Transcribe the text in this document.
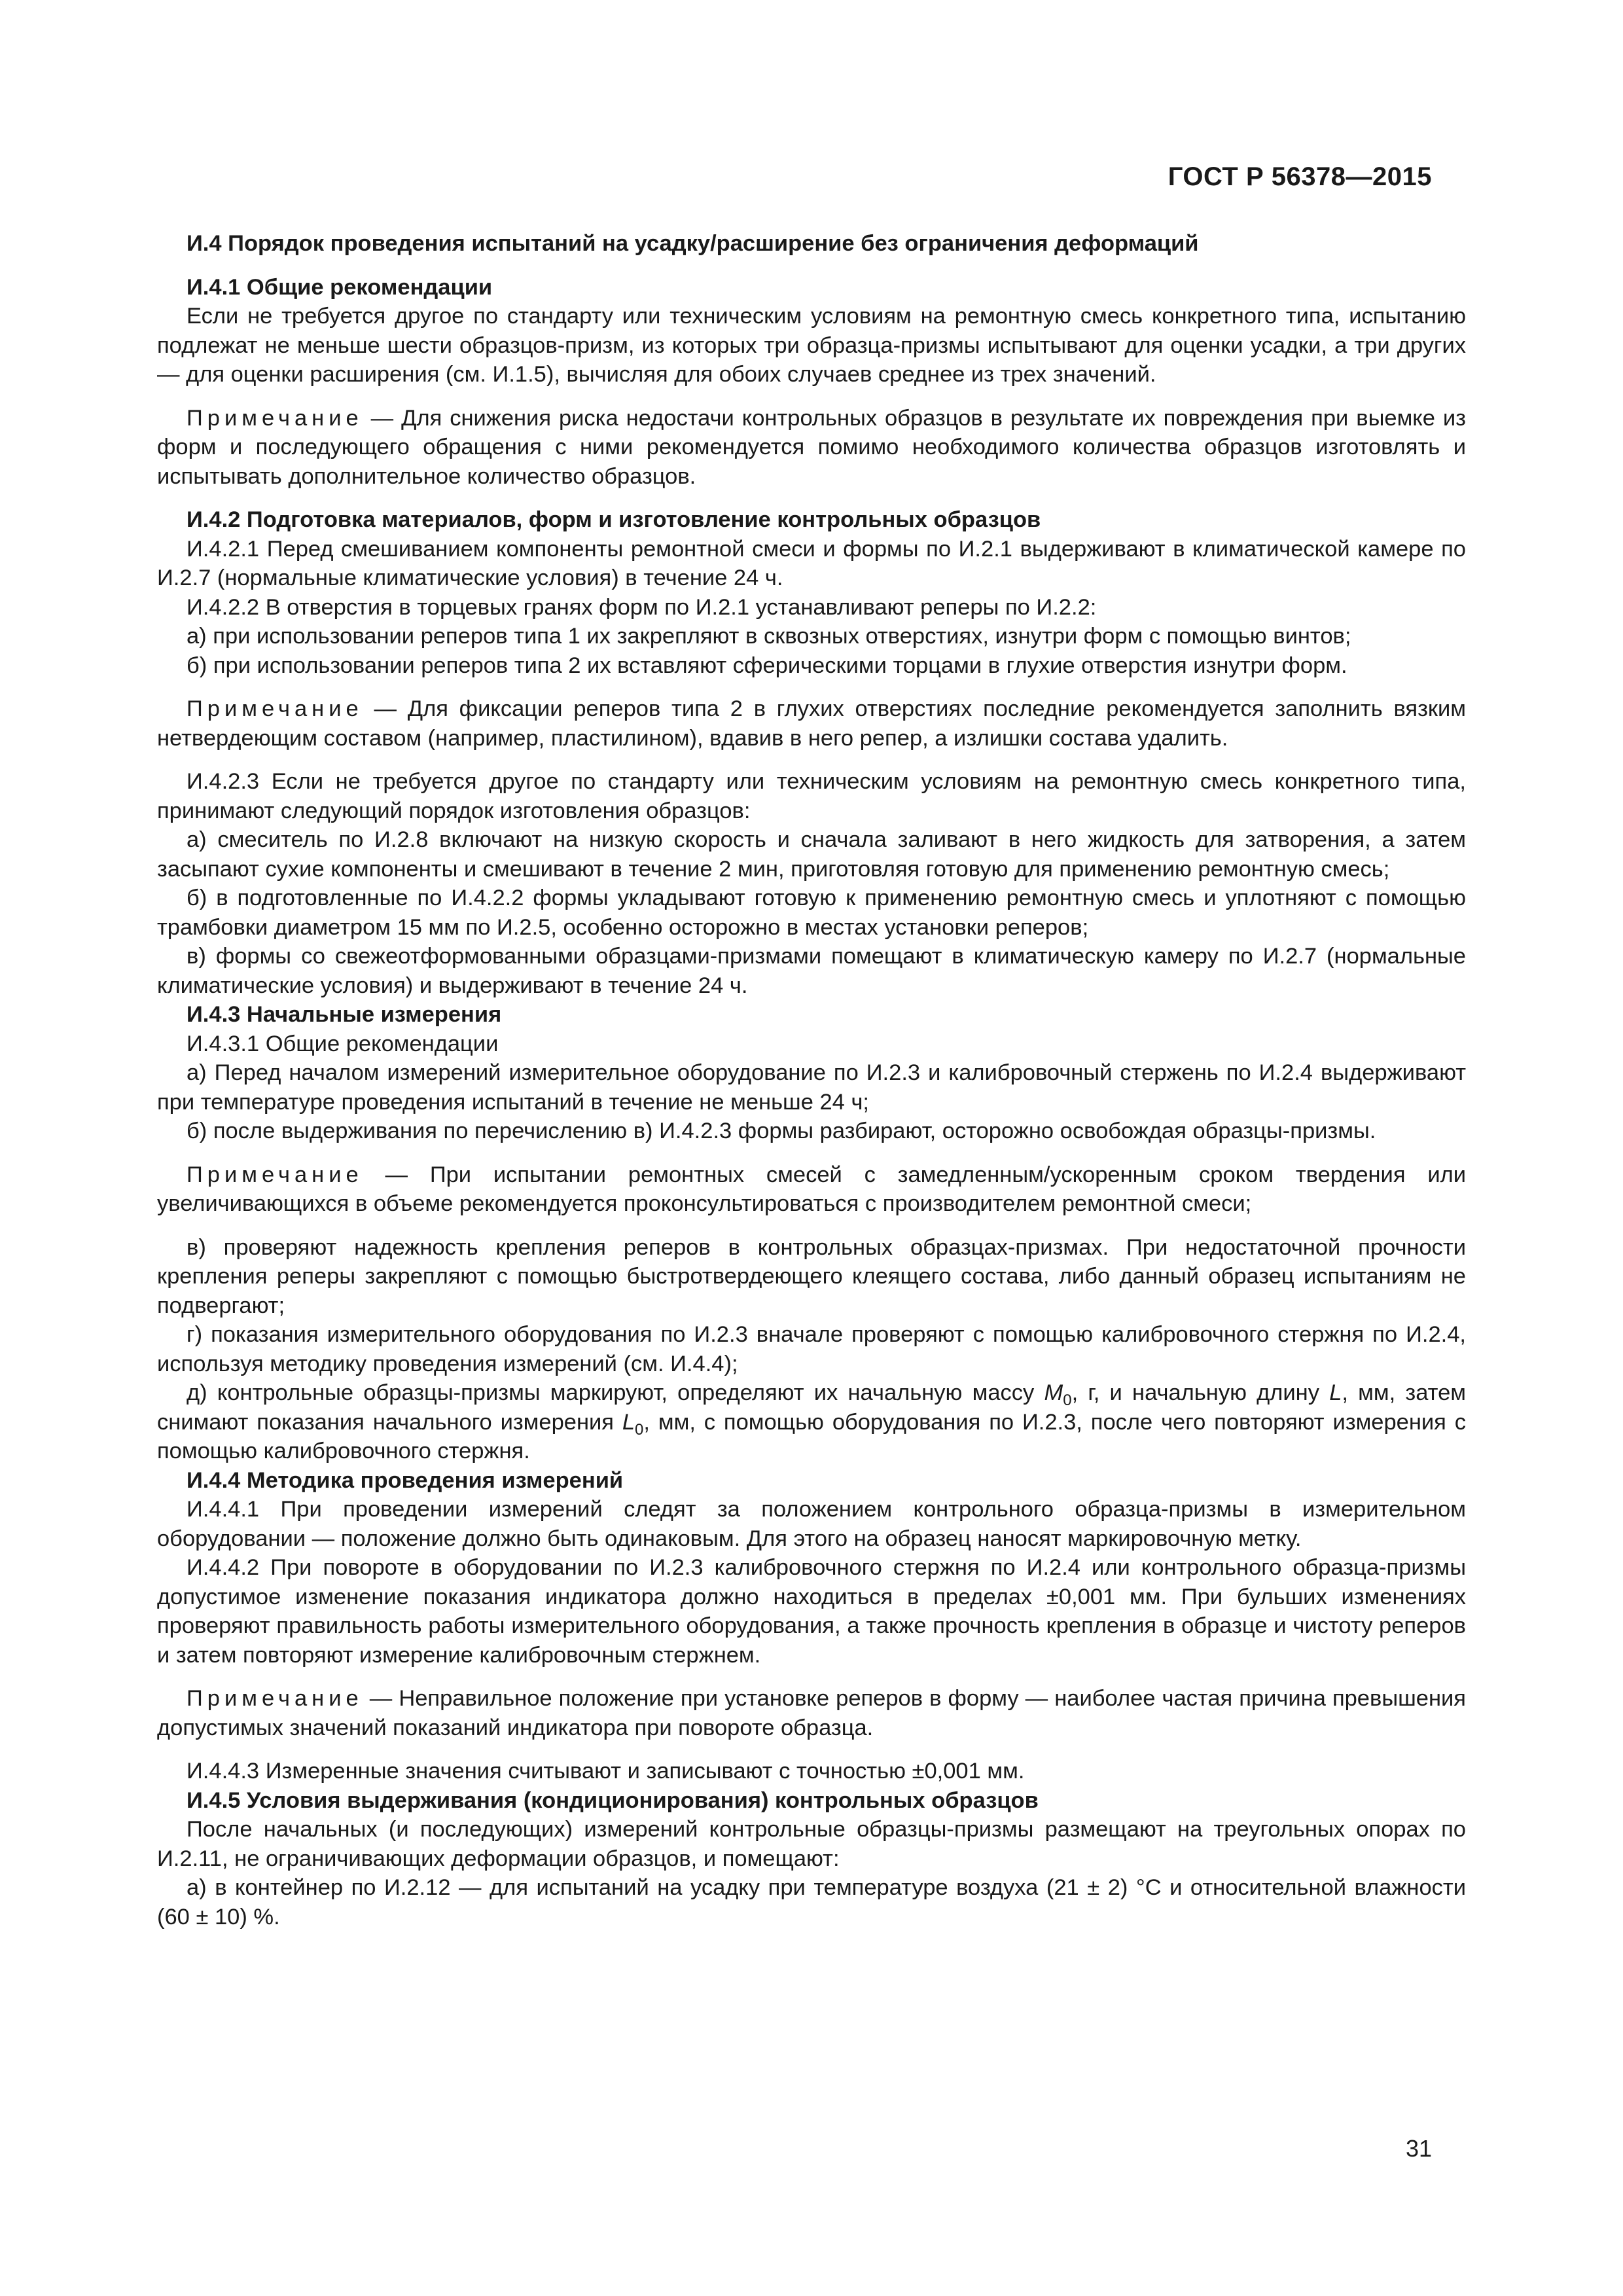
ГОСТ Р 56378—2015

И.4 Порядок проведения испытаний на усадку/расширение без ограничения деформаций

И.4.1 Общие рекомендации

Если не требуется другое по стандарту или техническим условиям на ремонтную смесь конкретного типа, испытанию подлежат не меньше шести образцов-призм, из которых три образца-призмы испытывают для оценки усадки, а три других — для оценки расширения (см. И.1.5), вычисляя для обоих случаев среднее из трех значений.

Примечание — Для снижения риска недостачи контрольных образцов в результате их повреждения при выемке из форм и последующего обращения с ними рекомендуется помимо необходимого количества образцов изготовлять и испытывать дополнительное количество образцов.

И.4.2 Подготовка материалов, форм и изготовление контрольных образцов

И.4.2.1 Перед смешиванием компоненты ремонтной смеси и формы по И.2.1 выдерживают в климатической камере по И.2.7 (нормальные климатические условия) в течение 24 ч.

И.4.2.2 В отверстия в торцевых гранях форм по И.2.1 устанавливают реперы по И.2.2:

а) при использовании реперов типа 1 их закрепляют в сквозных отверстиях, изнутри форм с помощью винтов;

б) при использовании реперов типа 2 их вставляют сферическими торцами в глухие отверстия изнутри форм.

Примечание — Для фиксации реперов типа 2 в глухих отверстиях последние рекомендуется заполнить вязким нетвердеющим составом (например, пластилином), вдавив в него репер, а излишки состава удалить.

И.4.2.3 Если не требуется другое по стандарту или техническим условиям на ремонтную смесь конкретного типа, принимают следующий порядок изготовления образцов:

а) смеситель по И.2.8 включают на низкую скорость и сначала заливают в него жидкость для затворения, а затем засыпают сухие компоненты и смешивают в течение 2 мин, приготовляя готовую для применению ремонтную смесь;

б) в подготовленные по И.4.2.2 формы укладывают готовую к применению ремонтную смесь и уплотняют с помощью трамбовки диаметром 15 мм по И.2.5, особенно осторожно в местах установки реперов;

в) формы со свежеотформованными образцами-призмами помещают в климатическую камеру по И.2.7 (нормальные климатические условия) и выдерживают в течение 24 ч.

И.4.3 Начальные измерения

И.4.3.1 Общие рекомендации

а) Перед началом измерений измерительное оборудование по И.2.3 и калибровочный стержень по И.2.4 выдерживают при температуре проведения испытаний в течение не меньше 24 ч;

б) после выдерживания по перечислению в) И.4.2.3 формы разбирают, осторожно освобождая образцы-призмы.

Примечание — При испытании ремонтных смесей с замедленным/ускоренным сроком твердения или увеличивающихся в объеме рекомендуется проконсультироваться с производителем ремонтной смеси;

в) проверяют надежность крепления реперов в контрольных образцах-призмах. При недостаточной прочности крепления реперы закрепляют с помощью быстротвердеющего клеящего состава, либо данный образец испытаниям не подвергают;

г) показания измерительного оборудования по И.2.3 вначале проверяют с помощью калибровочного стержня по И.2.4, используя методику проведения измерений (см. И.4.4);

д) контрольные образцы-призмы маркируют, определяют их начальную массу $M_0$, г, и начальную длину L, мм, затем снимают показания начального измерения $L_0$, мм, с помощью оборудования по И.2.3, после чего повторяют измерения с помощью калибровочного стержня.

И.4.4 Методика проведения измерений

И.4.4.1 При проведении измерений следят за положением контрольного образца-призмы в измерительном оборудовании — положение должно быть одинаковым. Для этого на образец наносят маркировочную метку.

И.4.4.2 При повороте в оборудовании по И.2.3 калибровочного стержня по И.2.4 или контрольного образца-призмы допустимое изменение показания индикатора должно находиться в пределах ±0,001 мм. При бульших изменениях проверяют правильность работы измерительного оборудования, а также прочность крепления в образце и чистоту реперов и затем повторяют измерение калибровочным стержнем.

Примечание — Неправильное положение при установке реперов в форму — наиболее частая причина превышения допустимых значений показаний индикатора при повороте образца.

И.4.4.3 Измеренные значения считывают и записывают с точностью ±0,001 мм.

И.4.5 Условия выдерживания (кондиционирования) контрольных образцов

После начальных (и последующих) измерений контрольные образцы-призмы размещают на треугольных опорах по И.2.11, не ограничивающих деформации образцов, и помещают:

а) в контейнер по И.2.12 — для испытаний на усадку при температуре воздуха (21 ± 2) °С и относительной влажности (60 ± 10) %.

31
